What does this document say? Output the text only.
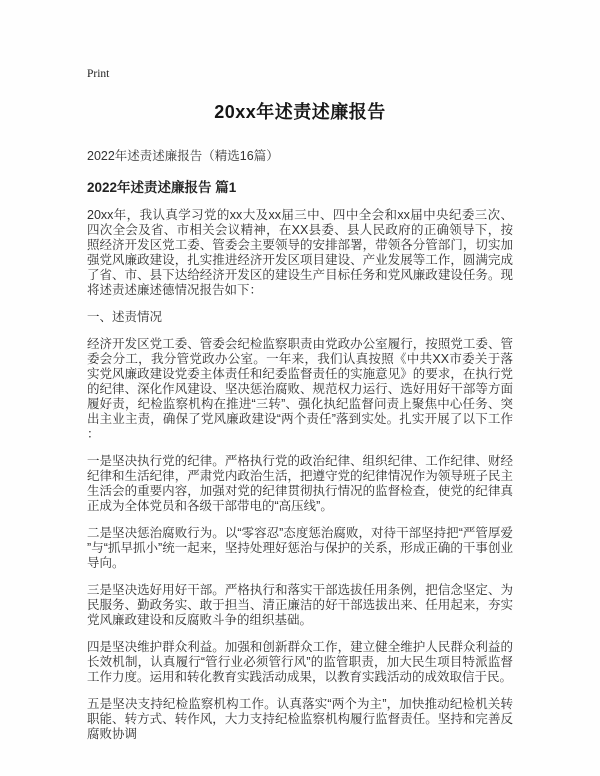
Print
20xx年述责述廉报告
2022年述责述廉报告（精选16篇）
2022年述责述廉报告 篇1

20xx年，我认真学习党的xx大及xx届三中、四中全会和xx届中央纪委三次、四次全会及省、市相关会议精神，在XX县委、县人民政府的正确领导下，按照经济开发区党工委、管委会主要领导的安排部署，带领各分管部门，切实加强党风廉政建设，扎实推进经济开发区项目建设、产业发展等工作，圆满完成了省、市、县下达给经济开发区的建设生产目标任务和党风廉政建设任务。现将述责述廉述德情况报告如下：

一、述责情况

经济开发区党工委、管委会纪检监察职责由党政办公室履行，按照党工委、管委会分工，我分管党政办公室。一年来，我们认真按照《中共XX市委关于落实党风廉政建设党委主体责任和纪委监督责任的实施意见》的要求，在执行党的纪律、深化作风建设、坚决惩治腐败、规范权力运行、选好用好干部等方面履好责，纪检监察机构在推进“三转”、强化执纪监督问责上聚焦中心任务、突出主业主责，确保了党风廉政建设“两个责任”落到实处。扎实开展了以下工作：

一是坚决执行党的纪律。严格执行党的政治纪律、组织纪律、工作纪律、财经纪律和生活纪律，严肃党内政治生活，把遵守党的纪律情况作为领导班子民主生活会的重要内容，加强对党的纪律贯彻执行情况的监督检查，使党的纪律真正成为全体党员和各级干部带电的“高压线”。

二是坚决惩治腐败行为。以“零容忍”态度惩治腐败，对待干部坚持把“严管厚爱”与“抓早抓小”统一起来，坚持处理好惩治与保护的关系，形成正确的干事创业导向。

三是坚决选好用好干部。严格执行和落实干部选拔任用条例，把信念坚定、为民服务、勤政务实、敢于担当、清正廉洁的好干部选拔出来、任用起来，夯实党风廉政建设和反腐败斗争的组织基础。

四是坚决维护群众利益。加强和创新群众工作，建立健全维护人民群众利益的长效机制，认真履行“管行业必须管行风”的监管职责，加大民生项目特派监督工作力度。运用和转化教育实践活动成果，以教育实践活动的成效取信于民。

五是坚决支持纪检监察机构工作。认真落实“两个为主”，加快推动纪检机关转职能、转方式、转作风，大力支持纪检监察机构履行监督责任。坚持和完善反腐败协调
